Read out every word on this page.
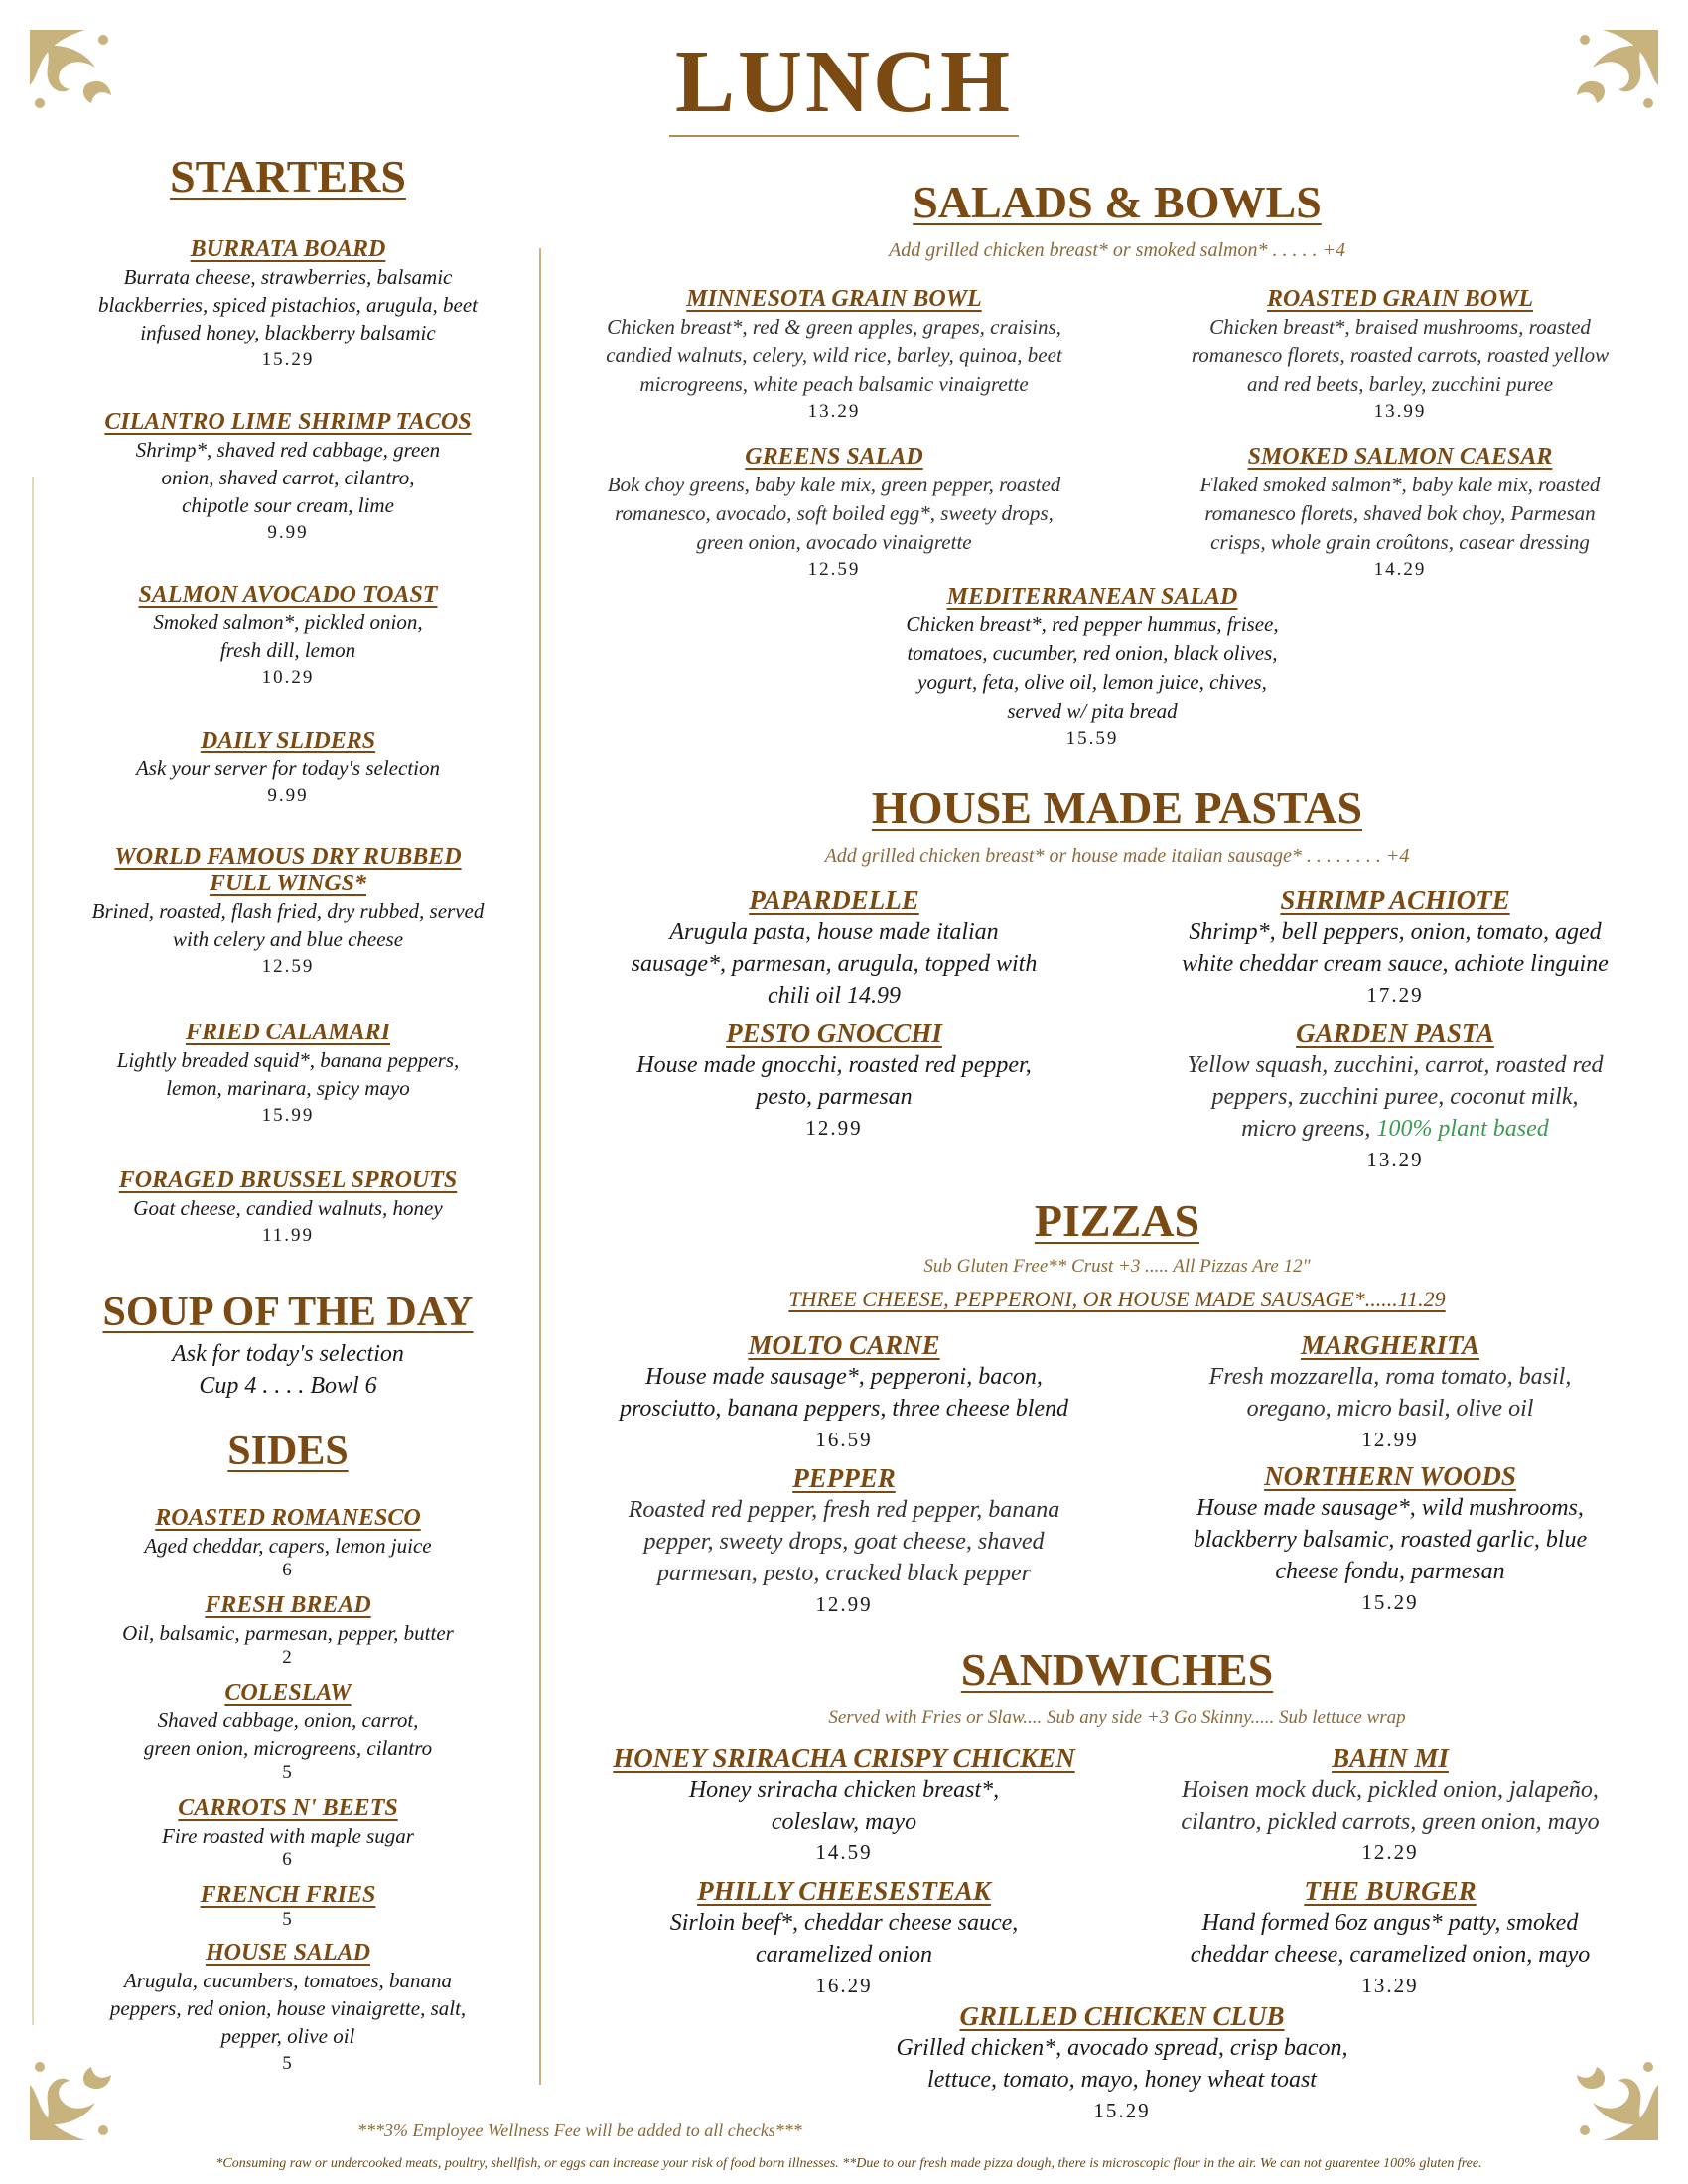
LUNCH
STARTERS

BURRATA BOARD

Burrata cheese, strawberries, balsamic

blackberries, spiced pistachios, arugula, beet

infused honey, blackberry balsamic

15.29

CILANTRO LIME SHRIMP TACOS

Shrimp*, shaved red cabbage, green

onion, shaved carrot, cilantro,

chipotle sour cream, lime

9.99

SALMON AVOCADO TOAST

Smoked salmon*, pickled onion,

fresh dill, lemon

10.29

DAILY SLIDERS

Ask your server for today's selection

9.99

WORLD FAMOUS DRY RUBBED

FULL WINGS*

Brined, roasted, flash fried, dry rubbed, served

with celery and blue cheese

12.59

FRIED CALAMARI

Lightly breaded squid*, banana peppers,

lemon, marinara, spicy mayo

15.99

FORAGED BRUSSEL SPROUTS

Goat cheese, candied walnuts, honey

11.99

SOUP OF THE DAY

Ask for today's selection

Cup 4 . . . . Bowl 6

SIDES

ROASTED ROMANESCO

Aged cheddar, capers, lemon juice

6

FRESH BREAD

Oil, balsamic, parmesan, pepper, butter

2

COLESLAW

Shaved cabbage, onion, carrot,

green onion, microgreens, cilantro

5

CARROTS N' BEETS

Fire roasted with maple sugar

6

FRENCH FRIES

5

HOUSE SALAD

Arugula, cucumbers, tomatoes, banana

peppers, red onion, house vinaigrette, salt,

pepper, olive oil

5

SALADS & BOWLS

Add grilled chicken breast* or smoked salmon* . . . . . +4

MINNESOTA GRAIN BOWL

Chicken breast*, red & green apples, grapes, craisins,

candied walnuts, celery, wild rice, barley, quinoa, beet

microgreens, white peach balsamic vinaigrette

13.29

ROASTED GRAIN BOWL

Chicken breast*, braised mushrooms, roasted

romanesco florets, roasted carrots, roasted yellow

and red beets, barley, zucchini puree

13.99

GREENS SALAD

Bok choy greens, baby kale mix, green pepper, roasted

romanesco, avocado, soft boiled egg*, sweety drops,

green onion, avocado vinaigrette

12.59

SMOKED SALMON CAESAR

Flaked smoked salmon*, baby kale mix, roasted

romanesco florets, shaved bok choy, Parmesan

crisps, whole grain croûtons, casear dressing

14.29

MEDITERRANEAN SALAD

Chicken breast*, red pepper hummus, frisee,

tomatoes, cucumber, red onion, black olives,

yogurt, feta, olive oil, lemon juice, chives,

served w/ pita bread

15.59

HOUSE MADE PASTAS

Add grilled chicken breast* or house made italian sausage* . . . . . . . . +4

PAPARDELLE

Arugula pasta, house made italian

sausage*, parmesan, arugula, topped with

chili oil 14.99

SHRIMP ACHIOTE

Shrimp*, bell peppers, onion, tomato, aged

white cheddar cream sauce, achiote linguine

17.29

PESTO GNOCCHI

House made gnocchi, roasted red pepper,

pesto, parmesan

12.99

GARDEN PASTA

Yellow squash, zucchini, carrot, roasted red

peppers, zucchini puree, coconut milk,

micro greens, 100% plant based

13.29

PIZZAS

Sub Gluten Free** Crust +3 ..... All Pizzas Are 12"

THREE CHEESE, PEPPERONI, OR HOUSE MADE SAUSAGE*......11.29

MOLTO CARNE

House made sausage*, pepperoni, bacon,

prosciutto, banana peppers, three cheese blend

16.59

MARGHERITA

Fresh mozzarella, roma tomato, basil,

oregano, micro basil, olive oil

12.99

PEPPER

Roasted red pepper, fresh red pepper, banana

pepper, sweety drops, goat cheese, shaved

parmesan, pesto, cracked black pepper

12.99

NORTHERN WOODS

House made sausage*, wild mushrooms,

blackberry balsamic, roasted garlic, blue

cheese fondu, parmesan

15.29

SANDWICHES

Served with Fries or Slaw.... Sub any side +3 Go Skinny..... Sub lettuce wrap

HONEY SRIRACHA CRISPY CHICKEN

Honey sriracha chicken breast*,

coleslaw, mayo

14.59

BAHN MI

Hoisen mock duck, pickled onion, jalapeño,

cilantro, pickled carrots, green onion, mayo

12.29

PHILLY CHEESESTEAK

Sirloin beef*, cheddar cheese sauce,

caramelized onion

16.29

THE BURGER

Hand formed 6oz angus* patty, smoked

cheddar cheese, caramelized onion, mayo

13.29

GRILLED CHICKEN CLUB

Grilled chicken*, avocado spread, crisp bacon,

lettuce, tomato, mayo, honey wheat toast

15.29

***3% Employee Wellness Fee will be added to all checks***
*Consuming raw or undercooked meats, poultry, shellfish, or eggs can increase your risk of food born illnesses. **Due to our fresh made pizza dough, there is microscopic flour in the air. We can not guarentee 100% gluten free.
